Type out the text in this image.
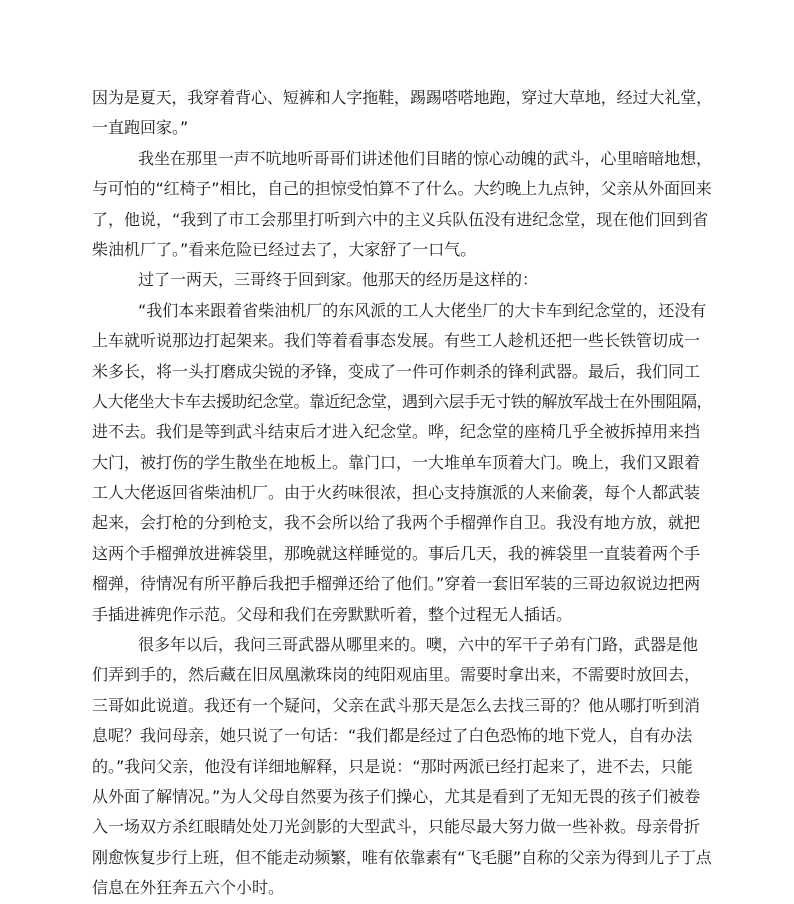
因为是夏天，我穿着背心、短裤和人字拖鞋，踢踢嗒嗒地跑，穿过大草地，经过大礼堂，
一直跑回家。”
我坐在那里一声不吭地听哥哥们讲述他们目睹的惊心动魄的武斗，心里暗暗地想，
与可怕的“红椅子”相比，自己的担惊受怕算不了什么。大约晚上九点钟，父亲从外面回来
了，他说，“我到了市工会那里打听到六中的主义兵队伍没有进纪念堂，现在他们回到省
柴油机厂了。”看来危险已经过去了，大家舒了一口气。
过了一两天，三哥终于回到家。他那天的经历是这样的：
“我们本来跟着省柴油机厂的东风派的工人大佬坐厂的大卡车到纪念堂的，还没有
上车就听说那边打起架来。我们等着看事态发展。有些工人趁机还把一些长铁管切成一
米多长，将一头打磨成尖锐的矛锋，变成了一件可作刺杀的锋利武器。最后，我们同工
人大佬坐大卡车去援助纪念堂。靠近纪念堂，遇到六层手无寸铁的解放军战士在外围阻隔，
进不去。我们是等到武斗结束后才进入纪念堂。哗，纪念堂的座椅几乎全被拆掉用来挡
大门，被打伤的学生散坐在地板上。靠门口，一大堆单车顶着大门。晚上，我们又跟着
工人大佬返回省柴油机厂。由于火药味很浓，担心支持旗派的人来偷袭，每个人都武装
起来，会打枪的分到枪支，我不会所以给了我两个手榴弹作自卫。我没有地方放，就把
这两个手榴弹放进裤袋里，那晚就这样睡觉的。事后几天，我的裤袋里一直装着两个手
榴弹，待情况有所平静后我把手榴弹还给了他们。”穿着一套旧军装的三哥边叙说边把两
手插进裤兜作示范。父母和我们在旁默默听着，整个过程无人插话。
很多年以后，我问三哥武器从哪里来的。噢，六中的军干子弟有门路，武器是他
们弄到手的，然后藏在旧凤凰漱珠岗的纯阳观庙里。需要时拿出来，不需要时放回去，
三哥如此说道。我还有一个疑问，父亲在武斗那天是怎么去找三哥的？他从哪打听到消
息呢？我问母亲，她只说了一句话：“我们都是经过了白色恐怖的地下党人，自有办法
的。”我问父亲，他没有详细地解释，只是说：“那时两派已经打起来了，进不去，只能
从外面了解情况。”为人父母自然要为孩子们操心，尤其是看到了无知无畏的孩子们被卷
入一场双方杀红眼睛处处刀光剑影的大型武斗，只能尽最大努力做一些补救。母亲骨折
刚愈恢复步行上班，但不能走动频繁，唯有依靠素有“飞毛腿”自称的父亲为得到儿子丁点
信息在外狂奔五六个小时。
